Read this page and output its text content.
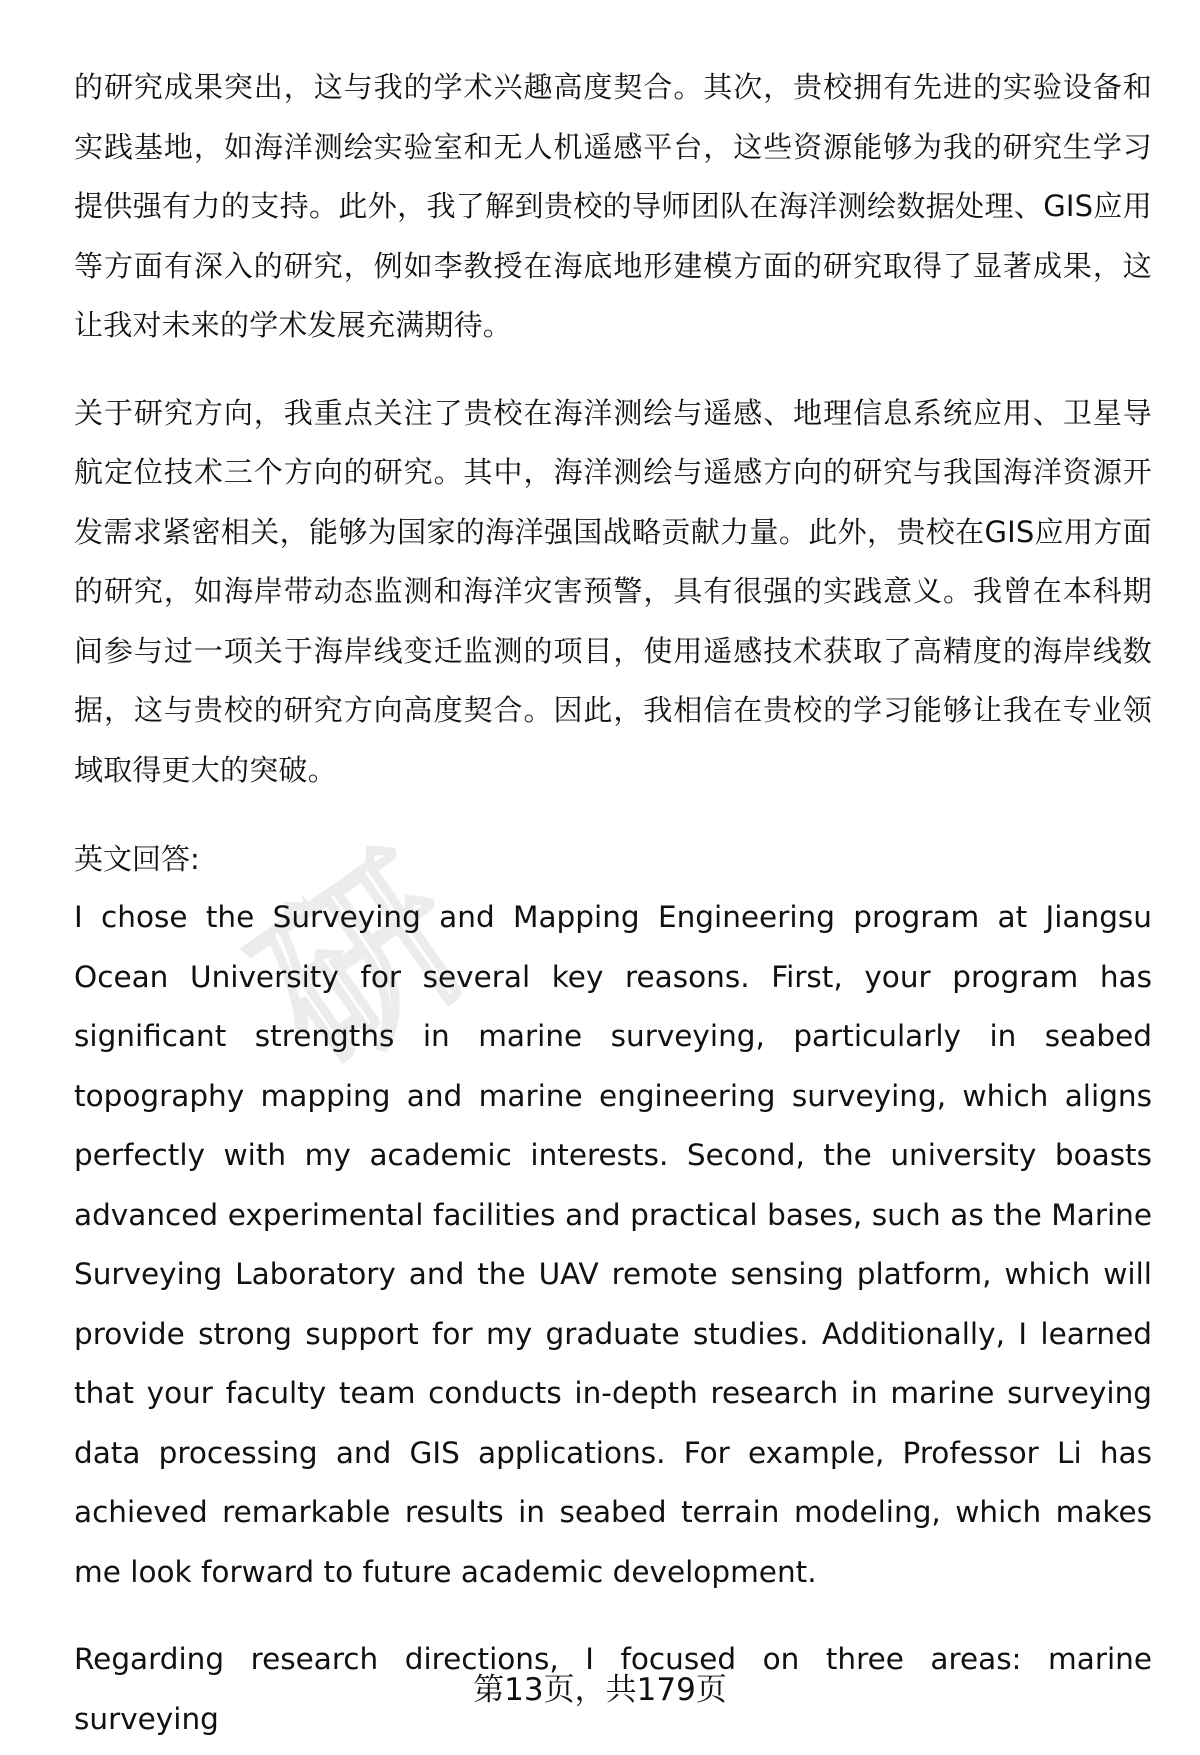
研

的研究成果突出，这与我的学术兴趣高度契合。其次，贵校拥有先进的实验设备和实践基地，如海洋测绘实验室和无人机遥感平台，这些资源能够为我的研究生学习提供强有力的支持。此外，我了解到贵校的导师团队在海洋测绘数据处理、GIS应用等方面有深入的研究，例如李教授在海底地形建模方面的研究取得了显著成果，这让我对未来的学术发展充满期待。

关于研究方向，我重点关注了贵校在海洋测绘与遥感、地理信息系统应用、卫星导航定位技术三个方向的研究。其中，海洋测绘与遥感方向的研究与我国海洋资源开发需求紧密相关，能够为国家的海洋强国战略贡献力量。此外，贵校在GIS应用方面的研究，如海岸带动态监测和海洋灾害预警，具有很强的实践意义。我曾在本科期间参与过一项关于海岸线变迁监测的项目，使用遥感技术获取了高精度的海岸线数据，这与贵校的研究方向高度契合。因此，我相信在贵校的学习能够让我在专业领域取得更大的突破。

英文回答:

I chose the Surveying and Mapping Engineering program at Jiangsu Ocean University for several key reasons. First, your program has significant strengths in marine surveying, particularly in seabed topography mapping and marine engineering surveying, which aligns perfectly with my academic interests. Second, the university boasts advanced experimental facilities and practical bases, such as the Marine Surveying Laboratory and the UAV remote sensing platform, which will provide strong support for my graduate studies. Additionally, I learned that your faculty team conducts in-depth research in marine surveying data processing and GIS applications. For example, Professor Li has achieved remarkable results in seabed terrain modeling, which makes me look forward to future academic development.

Regarding research directions, I focused on three areas: marine surveying

第13页，共179页
